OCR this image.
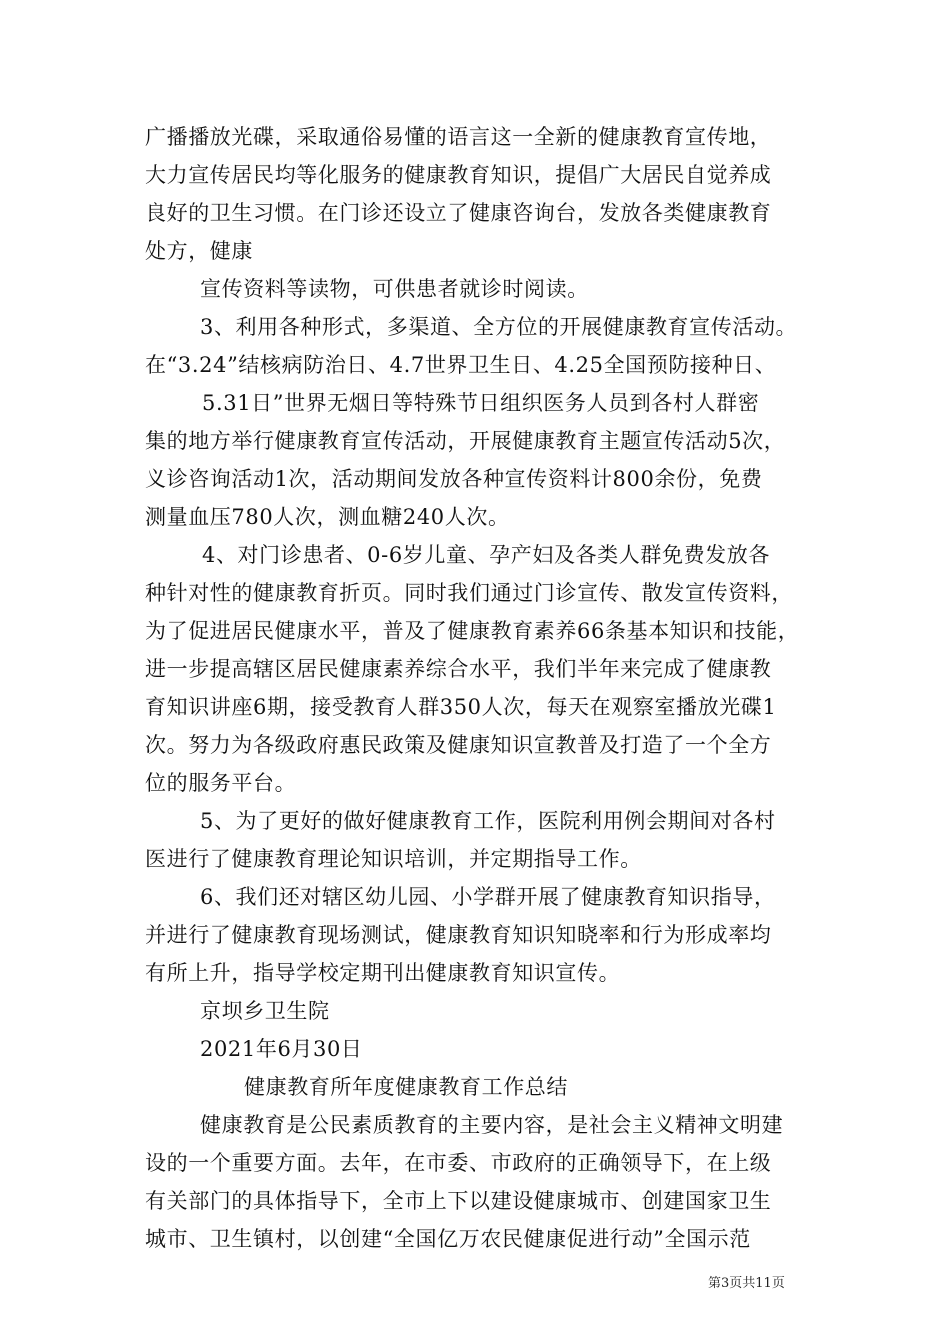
广播播放光碟，采取通俗易懂的语言这一全新的健康教育宣传地，
大力宣传居民均等化服务的健康教育知识，提倡广大居民自觉养成
良好的卫生习惯。在门诊还设立了健康咨询台，发放各类健康教育
处方，健康
宣传资料等读物，可供患者就诊时阅读。
3、利用各种形式，多渠道、全方位的开展健康教育宣传活动。
在“3.24”结核病防治日、4.7世界卫生日、4.25全国预防接种日、
5.31日”世界无烟日等特殊节日组织医务人员到各村人群密
集的地方举行健康教育宣传活动，开展健康教育主题宣传活动5次，
义诊咨询活动1次，活动期间发放各种宣传资料计800余份，免费
测量血压780人次，测血糖240人次。
4、对门诊患者、0-6岁儿童、孕产妇及各类人群免费发放各
种针对性的健康教育折页。同时我们通过门诊宣传、散发宣传资料，
为了促进居民健康水平，普及了健康教育素养66条基本知识和技能，
进一步提高辖区居民健康素养综合水平，我们半年来完成了健康教
育知识讲座6期，接受教育人群350人次，每天在观察室播放光碟1
次。努力为各级政府惠民政策及健康知识宣教普及打造了一个全方
位的服务平台。
5、为了更好的做好健康教育工作，医院利用例会期间对各村
医进行了健康教育理论知识培训，并定期指导工作。
6、我们还对辖区幼儿园、小学群开展了健康教育知识指导，
并进行了健康教育现场测试，健康教育知识知晓率和行为形成率均
有所上升，指导学校定期刊出健康教育知识宣传。
京坝乡卫生院
2021年6月30日
健康教育所年度健康教育工作总结
健康教育是公民素质教育的主要内容，是社会主义精神文明建
设的一个重要方面。去年，在市委、市政府的正确领导下，在上级
有关部门的具体指导下，全市上下以建设健康城市、创建国家卫生
城市、卫生镇村，以创建“全国亿万农民健康促进行动”全国示范
第3页共11页
